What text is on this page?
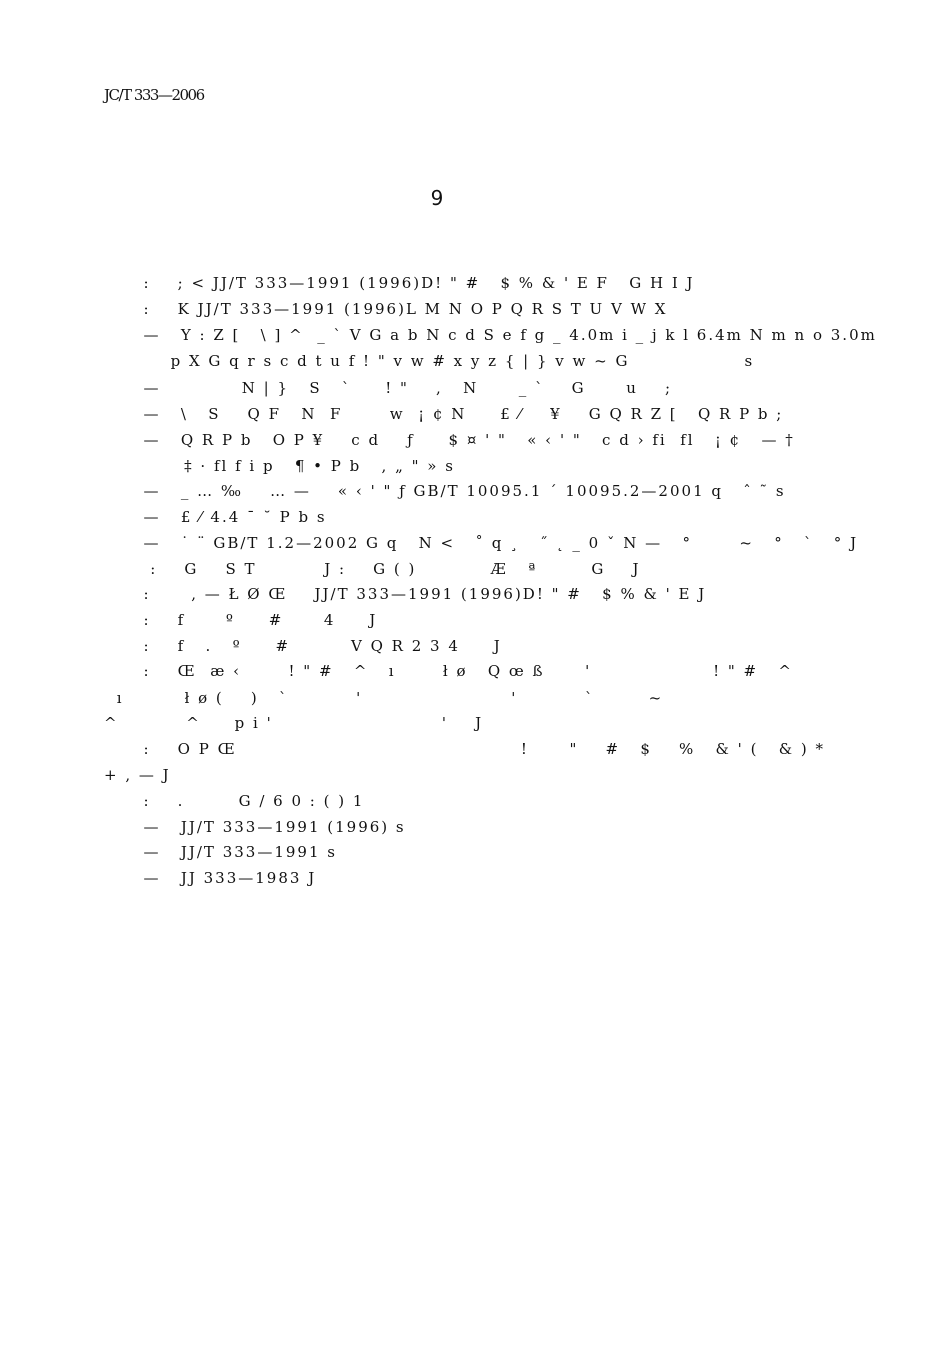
JC/T 333—2006
9
:    ; < JJ/T 333—1991 (1996)D! " #   $ % & ' E F   G H I J
:    K JJ/T 333—1991 (1996)L M N O P Q R S T U V W X
—   Y : Z [   \ ] ^  _ ` V G a b N c d S e f g _ 4.0m i _ j k l 6.4m N m n o 3.0m
p X G q r s c d t u f ! " v w # x y z { | } v w ~ G                 s
—            N | }   S   `     ! "    ,   N      _ `    G      u    ;
—   \   S    Q F   N  F       w  ¡ ¢ N     £ ⁄    ¥    G Q R Z [   Q R P b ;
—   Q R P b   O P ¥    c d    ƒ     $ ¤ ' "   « ‹ ' "   c d › fi  fl   ¡ ¢   — †
‡ · fl f i p   ¶ • P b   , „ " » s
—   _ … ‰    … —    « ‹ ' " ƒ GB/T 10095.1 ´ 10095.2—2001 q   ˆ ˜ s
—   £ ⁄ 4.4 ¯ ˘ P b s
—   ˙ ¨ GB/T 1.2—2002 G q   N <   ˚ q ¸   ˝ ˛ _ 0 ˇ N —   °       ~   °   `   ° J
:    G    S T          J :    G ( )           Æ   ª        G    J
:      , — Ł Ø Œ    JJ/T 333—1991 (1996)D! " #   $ % & ' E J
:    f      º     #      4     J
:    f   .   º     #         V Q R 2 3 4     J
:    Œ  æ ‹       ! " #   ^   ı       ł ø   Q œ ß      '                  ! " #   ^
ı         ł ø (    )   `          '                      '          `        ~
^          ^     p i '                         '    J
:    O P Œ                                          !      "    #   $    %   & ' (   & ) *
+ , — J
:    .        G / 6 0 : ( ) 1
—   JJ/T 333—1991 (1996) s
—   JJ/T 333—1991 s
—   JJ 333—1983 J
